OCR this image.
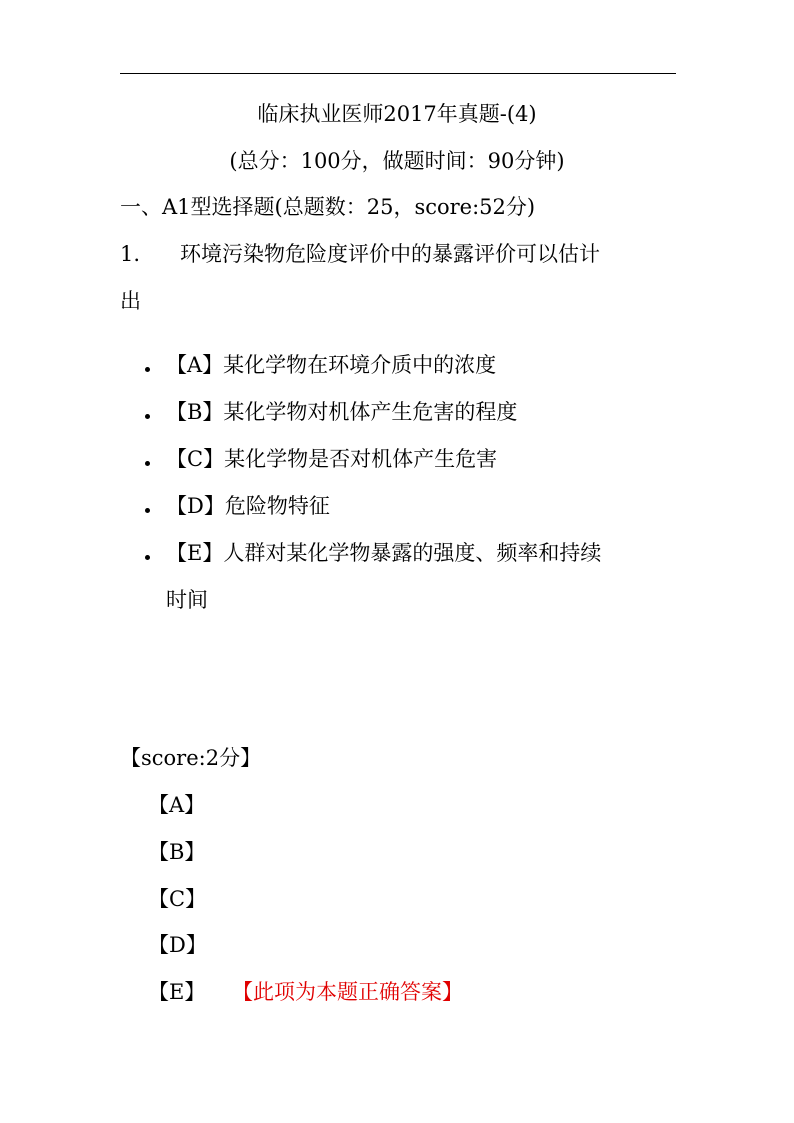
临床执业医师2017年真题-(4)
(总分：100分，做题时间：90分钟)
一、A1型选择题(总题数：25，score:52分)
1. 环境污染物危险度评价中的暴露评价可以估计
出
【A】某化学物在环境介质中的浓度
【B】某化学物对机体产生危害的程度
【C】某化学物是否对机体产生危害
【D】危险物特征
【E】人群对某化学物暴露的强度、频率和持续
时间
【score:2分】
【A】
【B】
【C】
【D】
【E】 【此项为本题正确答案】
